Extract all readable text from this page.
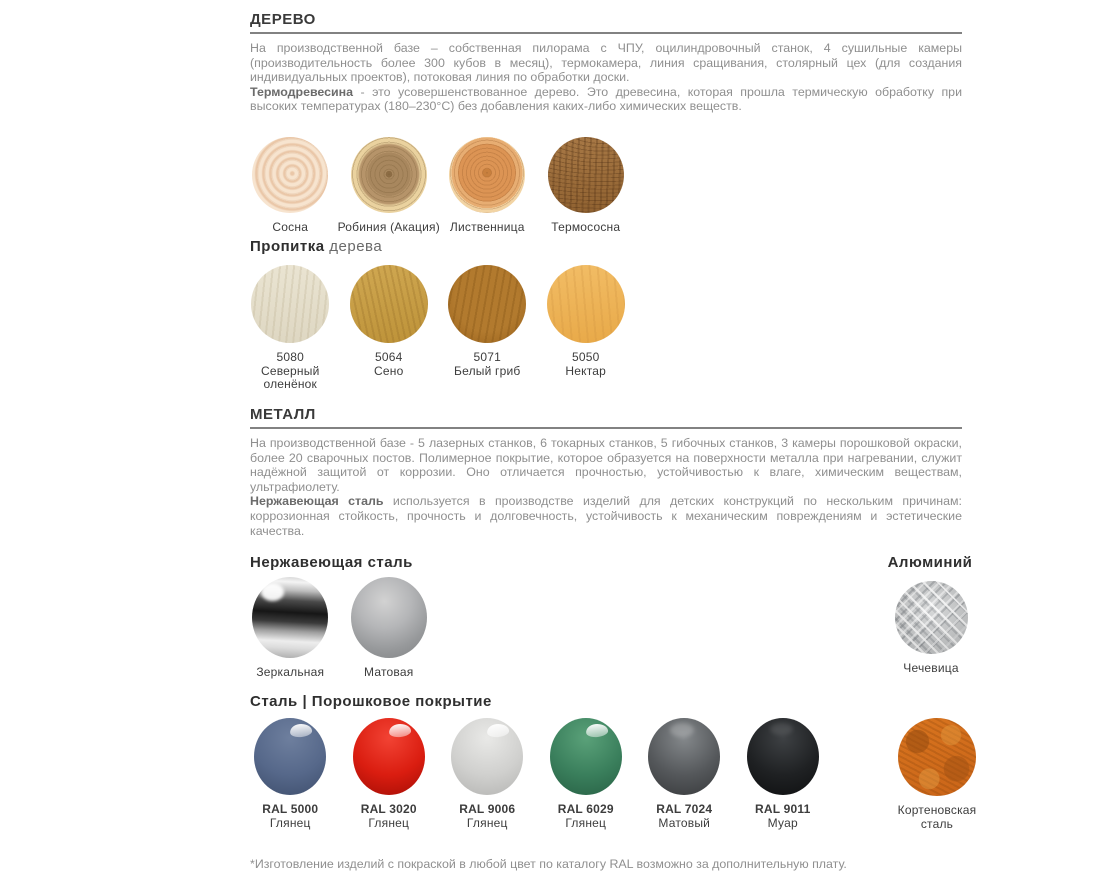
ДЕРЕВО

На производственной базе – собственная пилорама с ЧПУ, оцилиндровочный станок, 4 сушильные камеры (производительность более 300 кубов в месяц), термокамера, линия сращивания, столярный цех (для создания индивидуальных проектов), потоковая линия по обработки доски.

Термодревесина - это усовершенствованное дерево. Это древесина, которая прошла термическую обработку при высоких температурах (180–230°С) без добавления каких-либо химических веществ.

Сосна Робиния (Акация) Лиственница Термососна
Пропитка дерева
5080
Северный оленёнок
5064
Сено
5071
Белый гриб
5050
Нектар
МЕТАЛЛ

На производственной базе - 5 лазерных станков, 6 токарных станков, 5 гибочных станков, 3 камеры порошковой окраски, более 20 сварочных постов. Полимерное покрытие, которое образуется на поверхности металла при нагревании, служит надёжной защитой от коррозии. Оно отличается прочностью, устойчивостью к влаге, химическим веществам, ультрафиолету.

Нержавеющая сталь используется в производстве изделий для детских конструкций по нескольким причинам: коррозионная стойкость, прочность и долговечность, устойчивость к механическим повреждениям и эстетические качества.

Нержавеющая сталь	Алюминий
Зеркальная	Матовая	Чечевица
Сталь | Порошковое покрытие
RAL 5000
Глянец
RAL 3020
Глянец
RAL 9006
Глянец
RAL 6029
Глянец
RAL 7024
Матовый
RAL 9011
Муар
Кортеновская сталь

*Изготовление изделий с покраской в любой цвет по каталогу RAL возможно за дополнительную плату.
